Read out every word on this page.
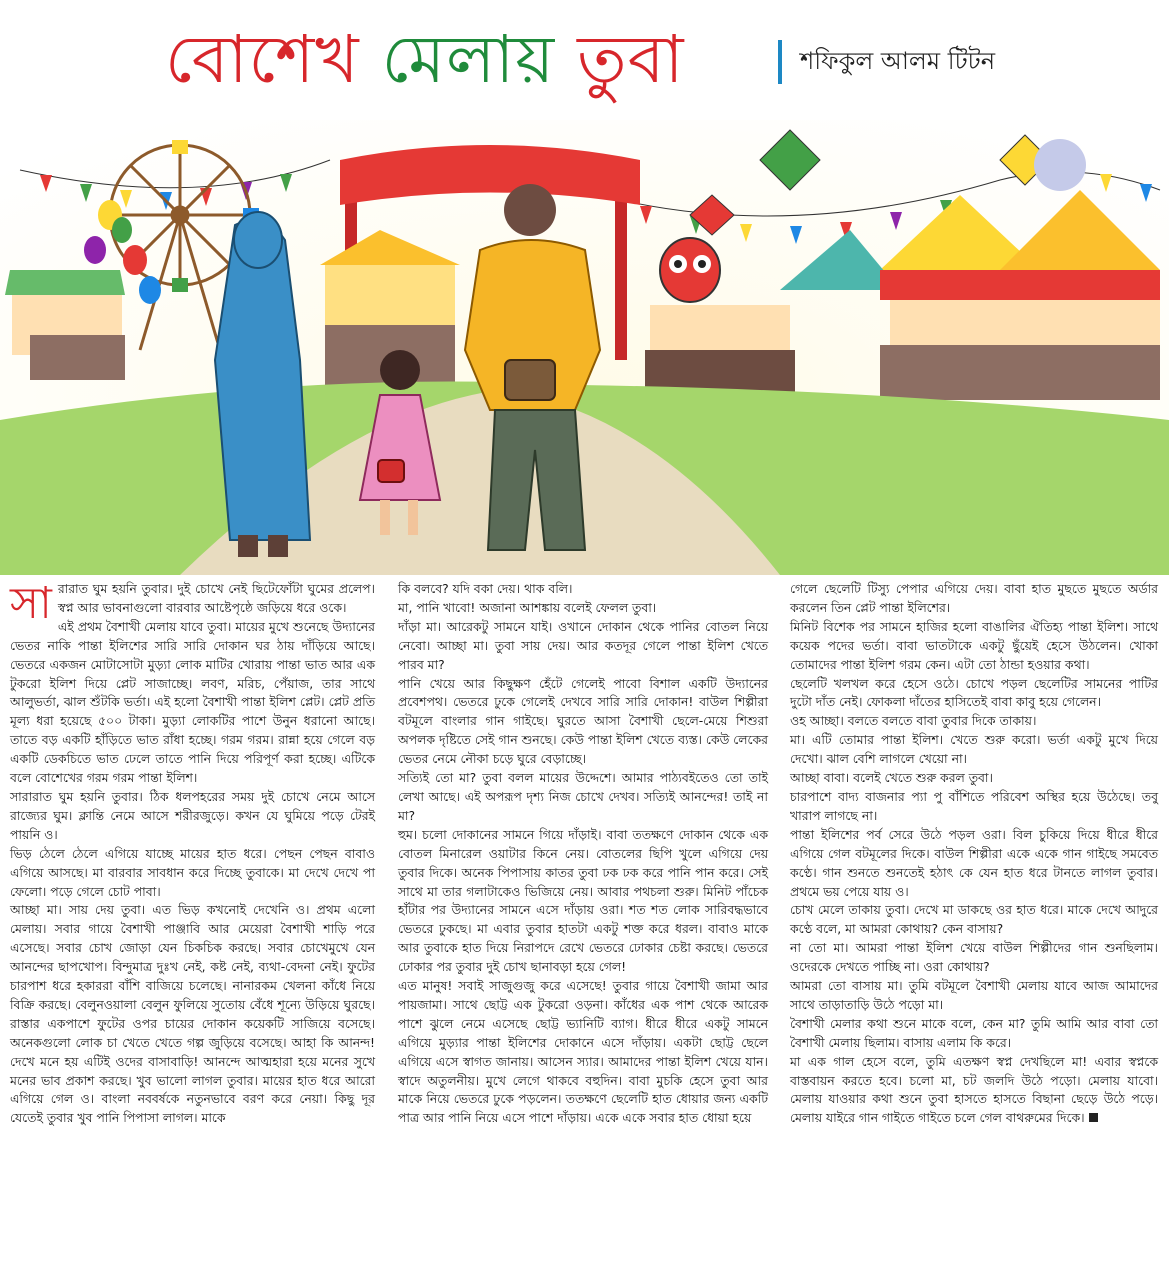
বোশেখ মেলায় তুবা	শফিকুল আলম টিটন
সা রারাত ঘুম হয়নি তুবার। দুই চোখে নেই ছিটেফোঁটা ঘুমের প্রলেপ। স্বপ্ন আর ভাবনাগুলো বারবার আষ্টেপৃষ্ঠে জড়িয়ে ধরে ওকে।

এই প্রথম বৈশাখী মেলায় যাবে তুবা। মায়ের মুখে শুনেছে উদ্যানের ভেতর নাকি পান্তা ইলিশের সারি সারি দোকান ঘর ঠায় দাঁড়িয়ে আছে। ভেতরে একজন মোটাসোটা মুড়্যা লোক মাটির খোরায় পান্তা ভাত আর এক টুকরো ইলিশ দিয়ে প্লেট সাজাচ্ছে। লবণ, মরিচ, পেঁয়াজ, তার সাথে আলুভর্তা, ঝাল শুঁটকি ভর্তা। এই হলো বৈশাখী পান্তা ইলিশ প্লেট। প্লেট প্রতি মূল্য ধরা হয়েছে ৫০০ টাকা। মুড়্যা লোকটির পাশে উনুন ধরানো আছে। তাতে বড় একটি হাঁড়িতে ভাত রাঁধা হচ্ছে। গরম গরম। রান্না হয়ে গেলে বড় একটি ডেকচিতে ভাত ঢেলে তাতে পানি দিয়ে পরিপূর্ণ করা হচ্ছে। এটিকে বলে বোশেখের গরম গরম পান্তা ইলিশ।

সারারাত ঘুম হয়নি তুবার। ঠিক ধলপহরের সময় দুই চোখে নেমে আসে রাজ্যের ঘুম। ক্লান্তি নেমে আসে শরীরজুড়ে। কখন যে ঘুমিয়ে পড়ে টেরই পায়নি ও।

ভিড় ঠেলে ঠেলে এগিয়ে যাচ্ছে মায়ের হাত ধরে। পেছন পেছন বাবাও এগিয়ে আসছে। মা বারবার সাবধান করে দিচ্ছে তুবাকে। মা দেখে দেখে পা ফেলো। পড়ে গেলে চোট পাবা।

আচ্ছা মা। সায় দেয় তুবা। এত ভিড় কখনোই দেখেনি ও। প্রথম এলো মেলায়। সবার গায়ে বৈশাখী পাঞ্জাবি আর মেয়েরা বৈশাখী শাড়ি পরে এসেছে। সবার চোখ জোড়া যেন চিকচিক করছে। সবার চোখেমুখে যেন আনন্দের ছাপখোপ। বিন্দুমাত্র দুঃখ নেই, কষ্ট নেই, ব্যথা-বেদনা নেই। ফুটের চারপাশ ধরে হকাররা বাঁশি বাজিয়ে চলেছে। নানারকম খেলনা কাঁধে নিয়ে বিক্রি করছে। বেলুনওয়ালা বেলুন ফুলিয়ে সুতোয় বেঁধে শূন্যে উড়িয়ে ঘুরছে। রাস্তার একপাশে ফুটের ওপর চায়ের দোকান কয়েকটি সাজিয়ে বসেছে। অনেকগুলো লোক চা খেতে খেতে গল্প জুড়িয়ে বসেছে। আহা কি আনন্দ! দেখে মনে হয় এটিই ওদের বাসাবাড়ি! আনন্দে আত্মহারা হয়ে মনের সুখে মনের ভাব প্রকাশ করছে। খুব ভালো লাগল তুবার। মায়ের হাত ধরে আরো এগিয়ে গেল ও। বাংলা নববর্ষকে নতুনভাবে বরণ করে নেয়া। কিছু দূর যেতেই তুবার খুব পানি পিপাসা লাগল। মাকে

কি বলবে? যদি বকা দেয়। থাক বলি।

মা, পানি খাবো! অজানা আশঙ্কায় বলেই ফেলল তুবা।

দাঁড়া মা। আরেকটু সামনে যাই। ওখানে দোকান থেকে পানির বোতল নিয়ে নেবো। আচ্ছা মা। তুবা সায় দেয়। আর কতদূর গেলে পান্তা ইলিশ খেতে পারব মা?

পানি খেয়ে আর কিছুক্ষণ হেঁটে গেলেই পাবো বিশাল একটি উদ্যানের প্রবেশপথ। ভেতরে ঢুকে গেলেই দেখবে সারি সারি দোকান! বাউল শিল্পীরা বটমূলে বাংলার গান গাইছে। ঘুরতে আসা বৈশাখী ছেলে-মেয়ে শিশুরা অপলক দৃষ্টিতে সেই গান শুনছে। কেউ পান্তা ইলিশ খেতে ব্যস্ত। কেউ লেকের ভেতর নেমে নৌকা চড়ে ঘুরে বেড়াচ্ছে।

সত্যিই তো মা? তুবা বলল মায়ের উদ্দেশে। আমার পাঠ্যবইতেও তো তাই লেখা আছে। এই অপরূপ দৃশ্য নিজ চোখে দেখব। সত্যিই আনন্দের! তাই না মা?

হুম। চলো দোকানের সামনে গিয়ে দাঁড়াই। বাবা ততক্ষণে দোকান থেকে এক বোতল মিনারেল ওয়াটার কিনে নেয়। বোতলের ছিপি খুলে এগিয়ে দেয় তুবার দিকে। অনেক পিপাসায় কাতর তুবা ঢক ঢক করে পানি পান করে। সেই সাথে মা তার গলাটাকেও ভিজিয়ে নেয়। আবার পথচলা শুরু। মিনিট পাঁচেক হাঁটার পর উদ্যানের সামনে এসে দাঁড়ায় ওরা। শত শত লোক সারিবদ্ধভাবে ভেতরে ঢুকছে। মা এবার তুবার হাতটা একটু শক্ত করে ধরল। বাবাও মাকে আর তুবাকে হাত দিয়ে নিরাপদে রেখে ভেতরে ঢোকার চেষ্টা করছে। ভেতরে ঢোকার পর তুবার দুই চোখ ছানাবড়া হয়ে গেল!

এত মানুষ! সবাই সাজুগুজু করে এসেছে! তুবার গায়ে বৈশাখী জামা আর পায়জামা। সাথে ছোট্ট এক টুকরো ওড়না। কাঁধের এক পাশ থেকে আরেক পাশে ঝুলে নেমে এসেছে ছোট্ট ভ্যানিটি ব্যাগ। ধীরে ধীরে একটু সামনে এগিয়ে মুড়্যার পান্তা ইলিশের দোকানে এসে দাঁড়ায়। একটা ছোট্ট ছেলে এগিয়ে এসে স্বাগত জানায়। আসেন স্যার। আমাদের পান্তা ইলিশ খেয়ে যান। স্বাদে অতুলনীয়। মুখে লেগে থাকবে বহুদিন। বাবা মুচকি হেসে তুবা আর মাকে নিয়ে ভেতরে ঢুকে পড়লেন। ততক্ষণে ছেলেটি হাত ধোয়ার জন্য একটি পাত্র আর পানি নিয়ে এসে পাশে দাঁড়ায়। একে একে সবার হাত ধোয়া হয়ে

গেলে ছেলেটি টিস্যু পেপার এগিয়ে দেয়। বাবা হাত মুছতে মুছতে অর্ডার করলেন তিন প্লেট পান্তা ইলিশের।

মিনিট বিশেক পর সামনে হাজির হলো বাঙালির ঐতিহ্য পান্তা ইলিশ। সাথে কয়েক পদের ভর্তা। বাবা ভাতটাকে একটু ছুঁয়েই হেসে উঠলেন। খোকা তোমাদের পান্তা ইলিশ গরম কেন। এটা তো ঠান্ডা হওয়ার কথা।

ছেলেটি খলখল করে হেসে ওঠে। চোখে পড়ল ছেলেটির সামনের পাটির দুটো দাঁত নেই। ফোকলা দাঁতের হাসিতেই বাবা কাবু হয়ে গেলেন।

ওহ আচ্ছা। বলতে বলতে বাবা তুবার দিকে তাকায়।

মা। এটি তোমার পান্তা ইলিশ। খেতে শুরু করো। ভর্তা একটু মুখে দিয়ে দেখো। ঝাল বেশি লাগলে খেয়ো না।

আচ্ছা বাবা। বলেই খেতে শুরু করল তুবা।

চারপাশে বাদ্য বাজনার প্যা পু বাঁশিতে পরিবেশ অস্থির হয়ে উঠেছে। তবু খারাপ লাগছে না।

পান্তা ইলিশের পর্ব সেরে উঠে পড়ল ওরা। বিল চুকিয়ে দিয়ে ধীরে ধীরে এগিয়ে গেল বটমূলের দিকে। বাউল শিল্পীরা একে একে গান গাইছে সমবেত কণ্ঠে। গান শুনতে শুনতেই হঠাৎ কে যেন হাত ধরে টানতে লাগল তুবার। প্রথমে ভয় পেয়ে যায় ও।

চোখ মেলে তাকায় তুবা। দেখে মা ডাকছে ওর হাত ধরে। মাকে দেখে আদুরে কণ্ঠে বলে, মা আমরা কোথায়? কেন বাসায়?

না তো মা। আমরা পান্তা ইলিশ খেয়ে বাউল শিল্পীদের গান শুনছিলাম। ওদেরকে দেখতে পাচ্ছি না। ওরা কোথায়?

আমরা তো বাসায় মা। তুমি বটমূলে বৈশাখী মেলায় যাবে আজ আমাদের সাথে তাড়াতাড়ি উঠে পড়ো মা।

বৈশাখী মেলার কথা শুনে মাকে বলে, কেন মা? তুমি আমি আর বাবা তো বৈশাখী মেলায় ছিলাম। বাসায় এলাম কি করে।

মা এক গাল হেসে বলে, তুমি এতক্ষণ স্বপ্ন দেখছিলে মা! এবার স্বপ্নকে বাস্তবায়ন করতে হবে। চলো মা, চট জলদি উঠে পড়ো। মেলায় যাবো। মেলায় যাওয়ার কথা শুনে তুবা হাসতে হাসতে বিছানা ছেড়ে উঠে পড়ে। মেলায় যাইরে গান গাইতে গাইতে চলে গেল বাথরুমের দিকে।
